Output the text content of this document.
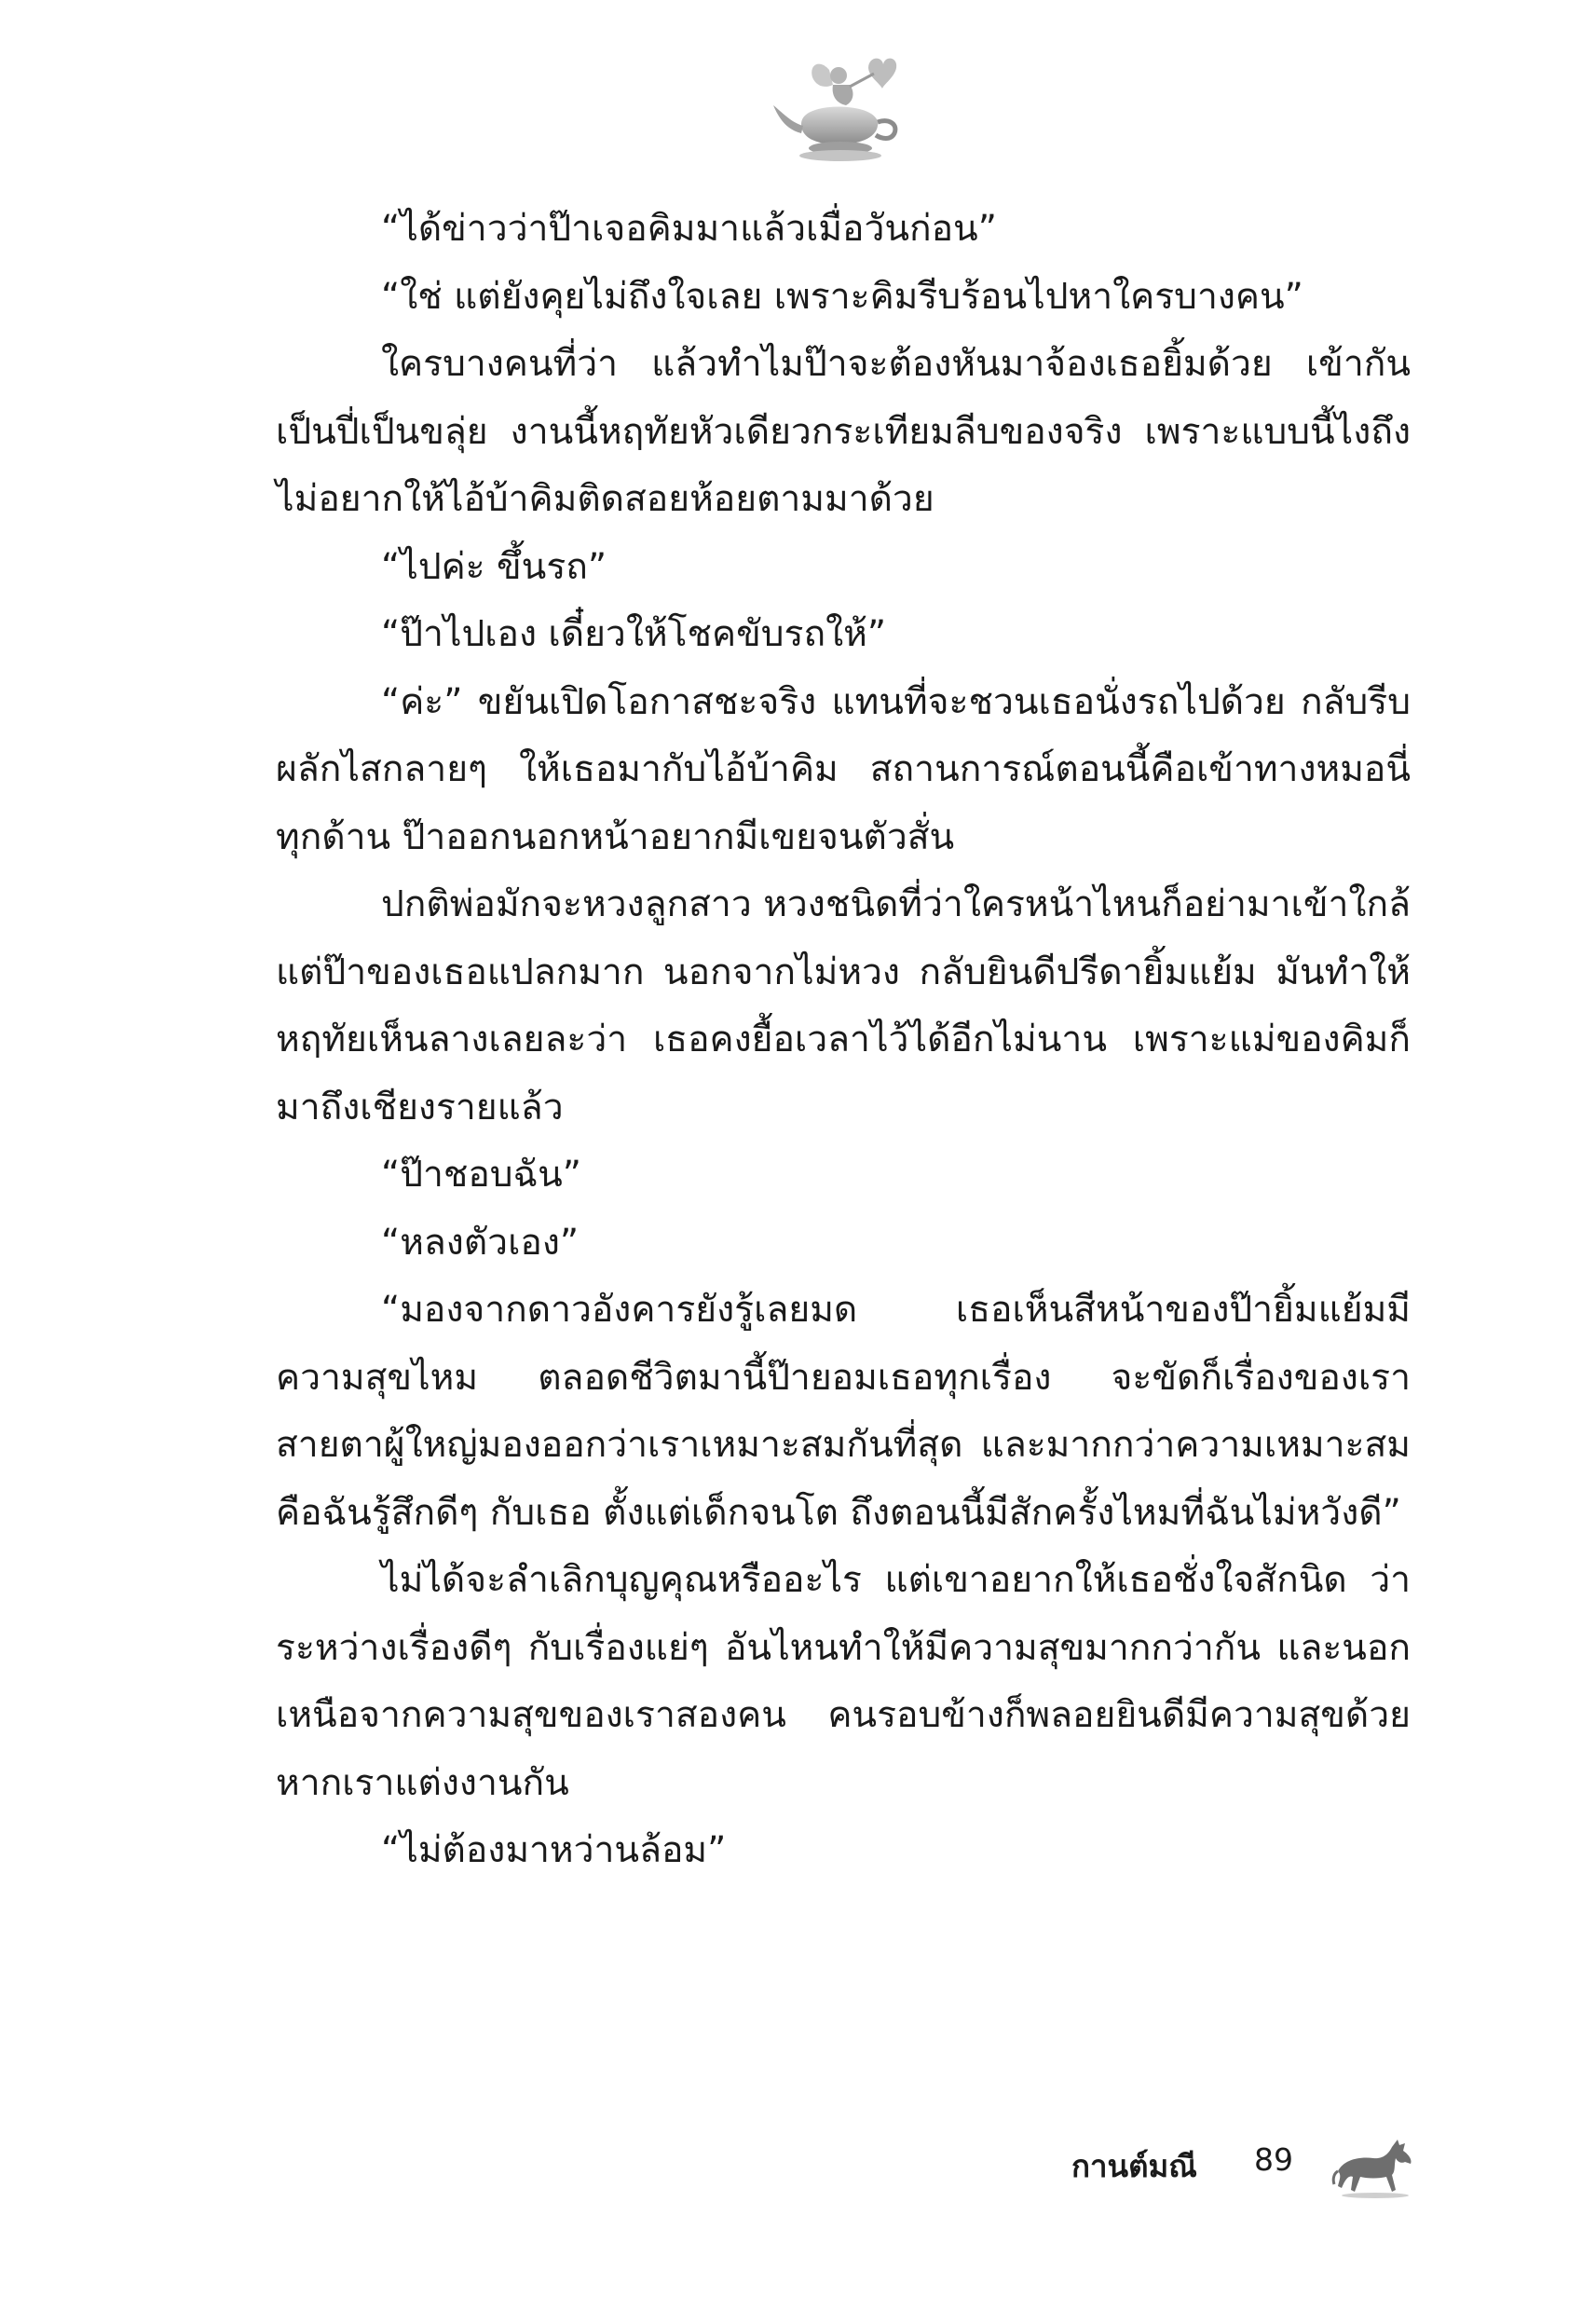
“ได้ข่าวว่าป๊าเจอคิมมาแล้วเมื่อวันก่อน”

“ใช่ แต่ยังคุยไม่ถึงใจเลย เพราะคิมรีบร้อนไปหาใครบางคน”

ใครบางคนที่ว่า แล้วทำไมป๊าจะต้องหันมาจ้องเธอยิ้มด้วย เข้ากันเป็นปี่เป็นขลุ่ย งานนี้หฤทัยหัวเดียวกระเทียมลีบของจริง เพราะแบบนี้ไงถึงไม่อยากให้ไอ้บ้าคิมติดสอยห้อยตามมาด้วย

“ไปค่ะ ขึ้นรถ”

“ป๊าไปเอง เดี๋ยวให้โชคขับรถให้”

“ค่ะ” ขยันเปิดโอกาสชะจริง แทนที่จะชวนเธอนั่งรถไปด้วย กลับรีบผลักไสกลายๆ ให้เธอมากับไอ้บ้าคิม สถานการณ์ตอนนี้คือเข้าทางหมอนี่ทุกด้าน ป๊าออกนอกหน้าอยากมีเขยจนตัวสั่น

ปกติพ่อมักจะหวงลูกสาว หวงชนิดที่ว่าใครหน้าไหนก็อย่ามาเข้าใกล้ แต่ป๊าของเธอแปลกมาก นอกจากไม่หวง กลับยินดีปรีดายิ้มแย้ม มันทำให้หฤทัยเห็นลางเลยละว่า เธอคงยื้อเวลาไว้ได้อีกไม่นาน เพราะแม่ของคิมก็มาถึงเชียงรายแล้ว

“ป๊าชอบฉัน”

“หลงตัวเอง”

“มองจากดาวอังคารยังรู้เลยมด เธอเห็นสีหน้าของป๊ายิ้มแย้มมีความสุขไหม ตลอดชีวิตมานี้ป๊ายอมเธอทุกเรื่อง จะขัดก็เรื่องของเรา สายตาผู้ใหญ่มองออกว่าเราเหมาะสมกันที่สุด และมากกว่าความเหมาะสมคือฉันรู้สึกดีๆ กับเธอ ตั้งแต่เด็กจนโต ถึงตอนนี้มีสักครั้งไหมที่ฉันไม่หวังดี”

ไม่ได้จะลำเลิกบุญคุณหรืออะไร แต่เขาอยากให้เธอชั่งใจสักนิด ว่าระหว่างเรื่องดีๆ กับเรื่องแย่ๆ อันไหนทำให้มีความสุขมากกว่ากัน และนอกเหนือจากความสุขของเราสองคน คนรอบข้างก็พลอยยินดีมีความสุขด้วยหากเราแต่งงานกัน

“ไม่ต้องมาหว่านล้อม”

กานต์มณี 89
